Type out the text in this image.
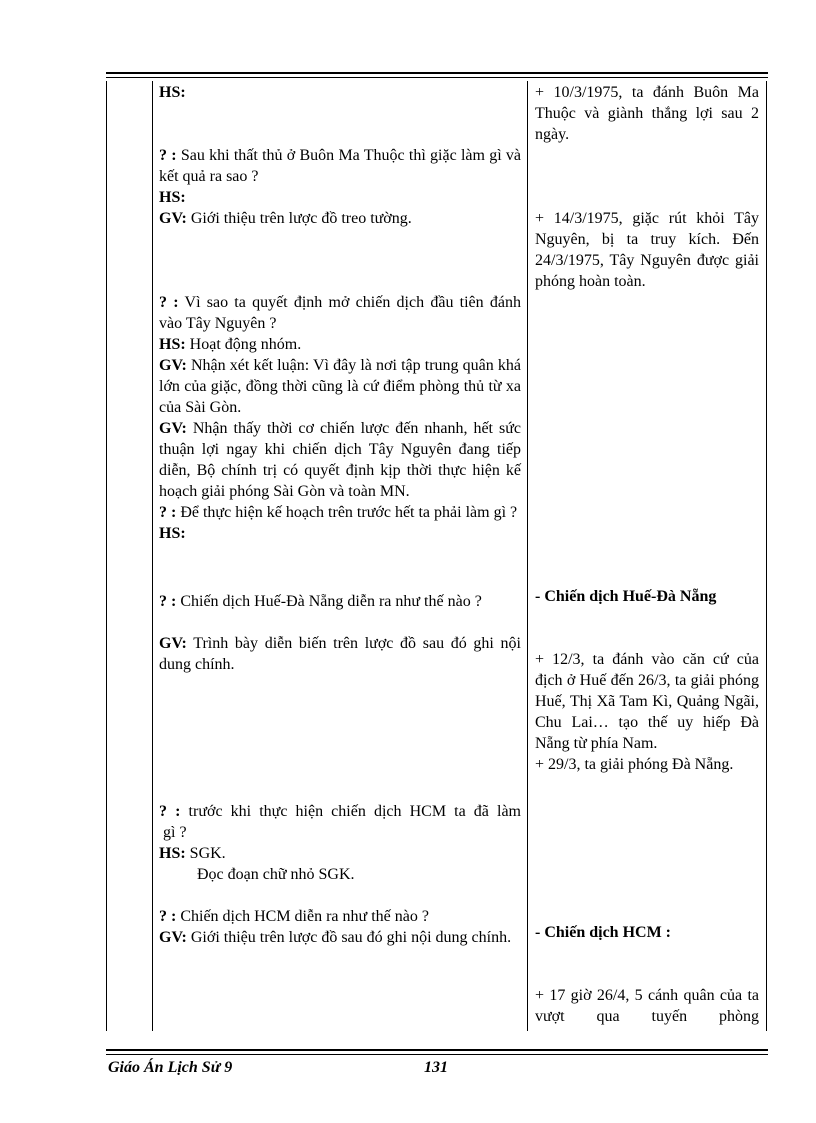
HS:

? : Sau khi thất thủ ở Buôn Ma Thuộc thì giặc làm gì và kết quả ra sao ?

HS:

GV: Giới thiệu trên lược đồ treo tường.

? : Vì sao ta quyết định mở chiến dịch đầu tiên đánh vào Tây Nguyên ?

HS: Hoạt động nhóm.

GV: Nhận xét kết luận: Vì đây là nơi tập trung quân khá lớn của giặc, đồng thời cũng là cứ điểm phòng thủ từ xa của Sài Gòn.

GV: Nhận thấy thời cơ chiến lược đến nhanh, hết sức thuận lợi ngay khi chiến dịch Tây Nguyên đang tiếp diễn, Bộ chính trị có quyết định kịp thời thực hiện kế hoạch giải phóng Sài Gòn và toàn MN.

? : Để thực hiện kế hoạch trên trước hết ta phải làm gì ?

HS:

? : Chiến dịch Huế-Đà Nẵng diễn ra như thế nào ?

GV: Trình bày diễn biến trên lược đồ sau đó ghi nội dung chính.

? : trước khi thực hiện chiến dịch HCM ta đã làm

gì ?

HS: SGK.

Đọc đoạn chữ nhỏ SGK.

? : Chiến dịch HCM diễn ra như thế nào ?

GV: Giới thiệu trên lược đồ sau đó ghi nội dung chính.

+ 10/3/1975, ta đánh Buôn Ma Thuộc và giành thắng lợi sau 2 ngày.

+ 14/3/1975, giặc rút khỏi Tây Nguyên, bị ta truy kích. Đến 24/3/1975, Tây Nguyên được giải phóng hoàn toàn.

- Chiến dịch Huế-Đà Nẵng

+ 12/3, ta đánh vào căn cứ của địch ở Huế đến 26/3, ta giải phóng Huế, Thị Xã Tam Kì, Quảng Ngãi, Chu Lai… tạo thế uy hiếp Đà Nẵng từ phía Nam.

+ 29/3, ta giải phóng Đà Nẵng.

- Chiến dịch HCM :

+ 17 giờ 26/4, 5 cánh quân của ta vượt qua tuyến phòng

Giáo Án Lịch Sử 9	131
